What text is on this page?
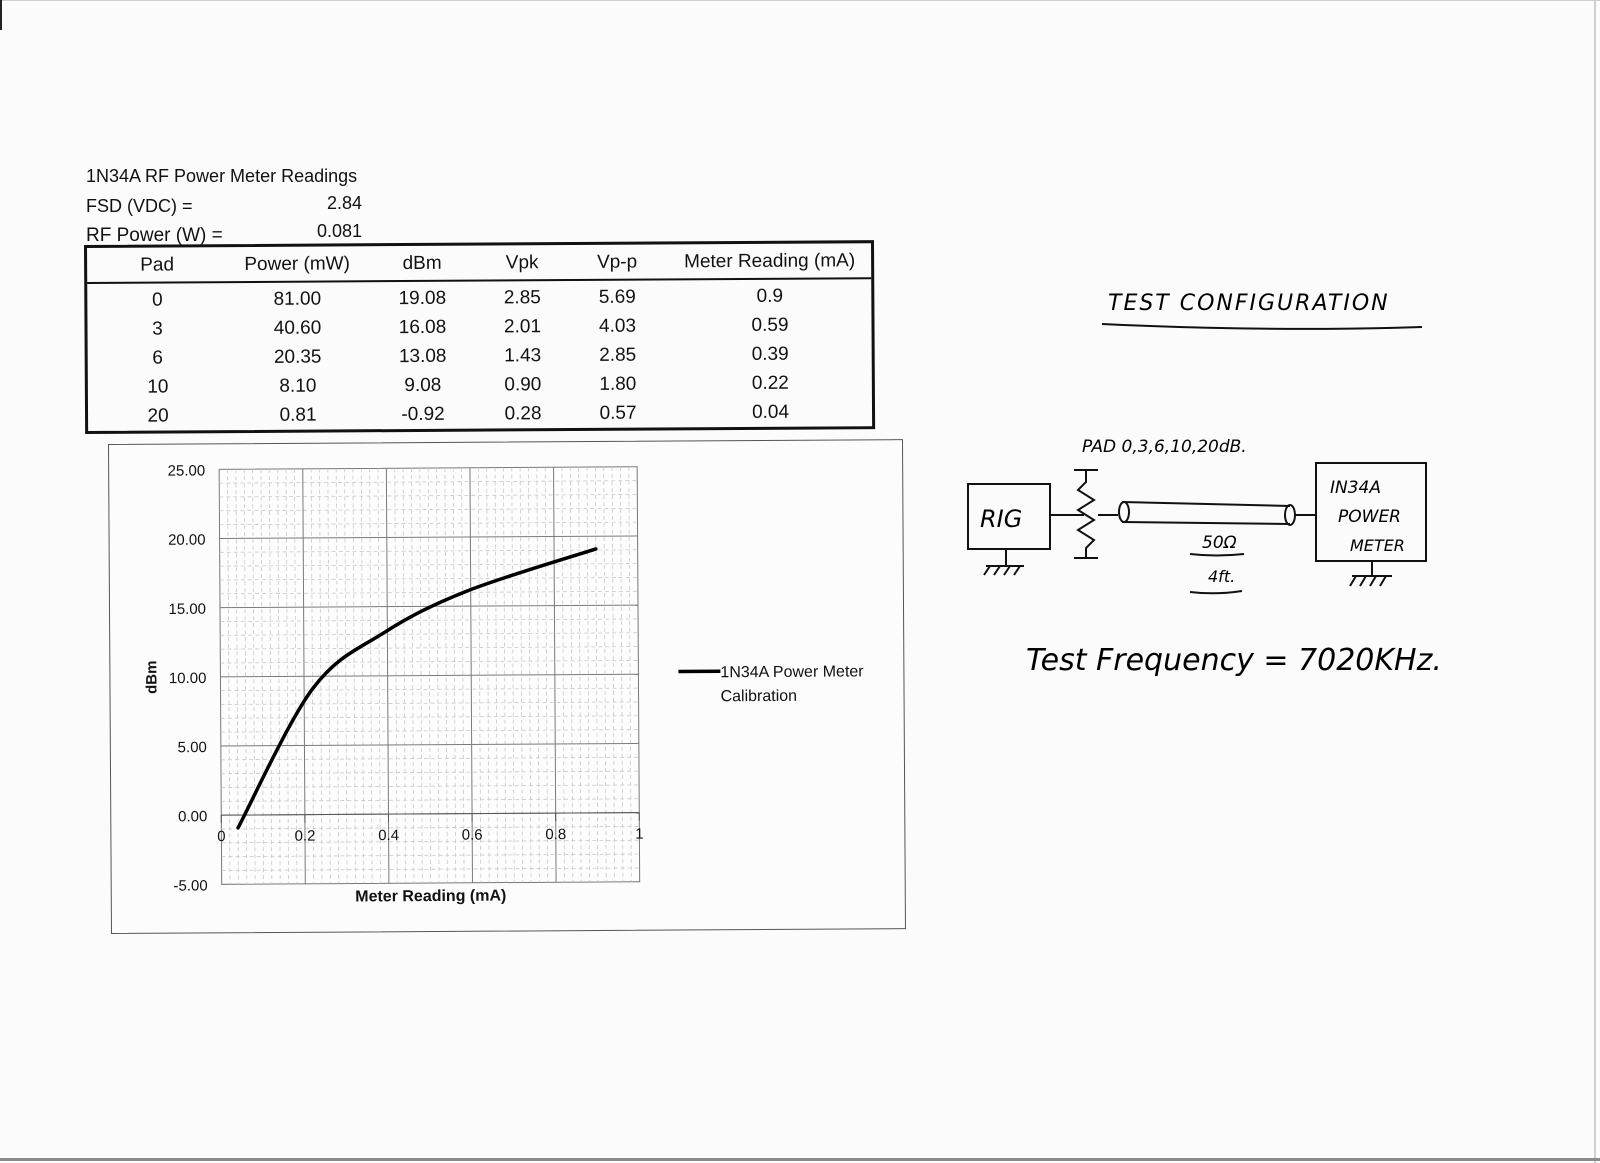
1N34A RF Power Meter Readings
FSD (VDC) =	2.84
RF Power (W) =	0.081
Pad	Power (mW)	dBm	Vpk	Vp-p	Meter Reading (mA)
0	81.00	19.08	2.85	5.69	0.9
3	40.60	16.08	2.01	4.03	0.59
6	20.35	13.08	1.43	2.85	0.39
10	8.10	9.08	0.90	1.80	0.22
20	0.81	-0.92	0.28	0.57	0.04
25.00
20.00
15.00
10.00
5.00
0.00
-5.00
0	0.2	0.4	0.6	0.8	1
Meter Reading (mA)
dBm	1N34A Power Meter
Calibration
TEST CONFIGURATION
PAD 0,3,6,10,20dB.
RIG
50Ω
4ft.
IN34A
POWER
METER
Test Frequency = 7020KHz.
